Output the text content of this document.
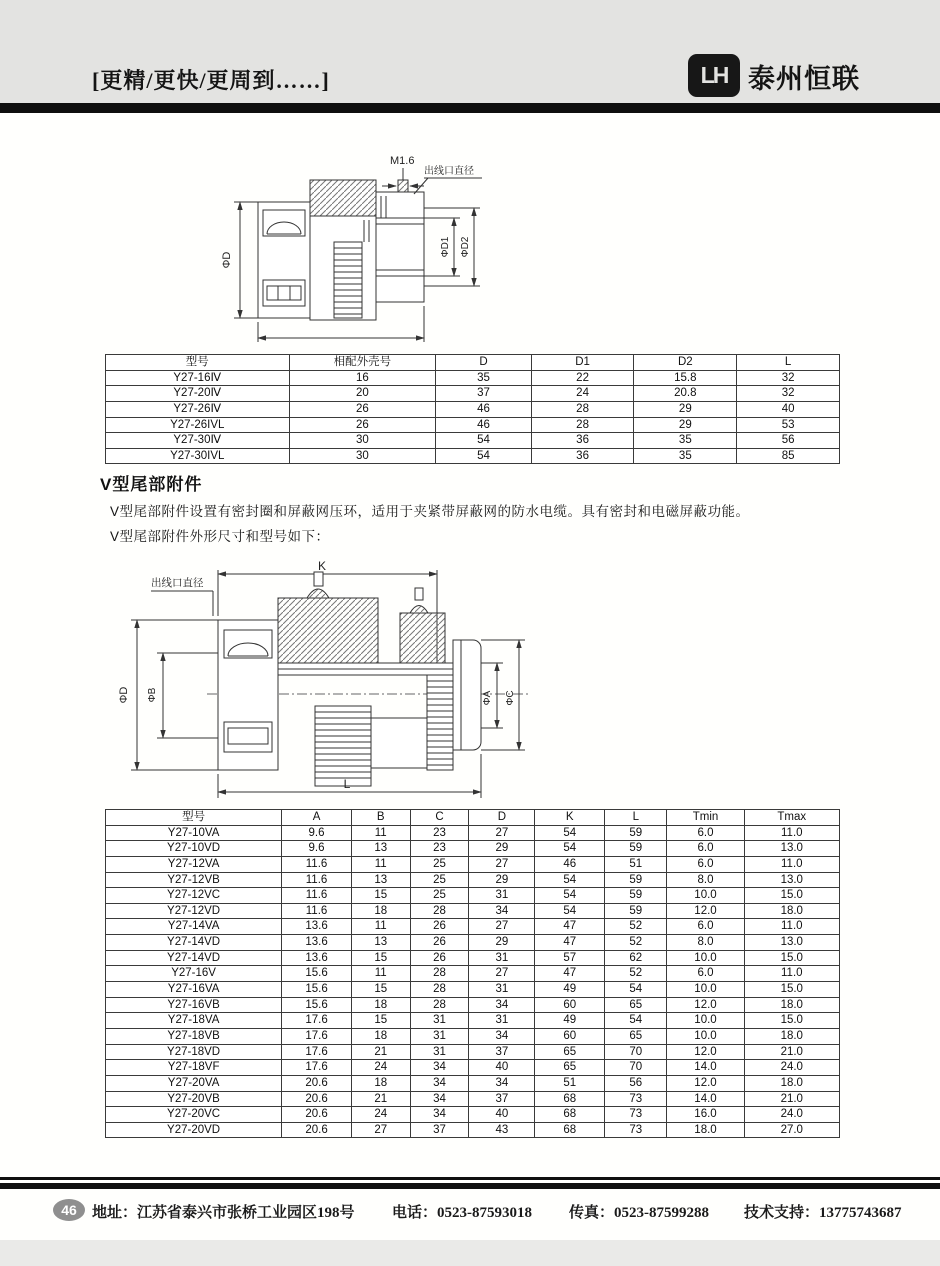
[更精/更快/更周到……]	LH 泰州恒联
M1.6
出线口直径
ΦD
ΦD1 ΦD2
型号	相配外壳号	D	D1	D2	L
Y27-16Ⅳ	16	35	22	15.8	32
Y27-20Ⅳ	20	37	24	20.8	32
Y27-26Ⅳ	26	46	28	29	40
Y27-26IVL	26	46	28	29	53
Y27-30Ⅳ	30	54	36	35	56
Y27-30IVL	30	54	36	35	85
V型尾部附件
V型尾部附件设置有密封圈和屏蔽网压环，适用于夹紧带屏蔽网的防水电缆。具有密封和电磁屏蔽功能。
V型尾部附件外形尺寸和型号如下：
K
出线口直径
ΦD ΦB	ΦA ΦC
L
型号	A	B	C	D	K	L	Tmin	Tmax
Y27-10VA	9.6	11	23	27	54	59	6.0	11.0
Y27-10VD	9.6	13	23	29	54	59	6.0	13.0
Y27-12VA	11.6	11	25	27	46	51	6.0	11.0
Y27-12VB	11.6	13	25	29	54	59	8.0	13.0
Y27-12VC	11.6	15	25	31	54	59	10.0	15.0
Y27-12VD	11.6	18	28	34	54	59	12.0	18.0
Y27-14VA	13.6	11	26	27	47	52	6.0	11.0
Y27-14VD	13.6	13	26	29	47	52	8.0	13.0
Y27-14VD	13.6	15	26	31	57	62	10.0	15.0
Y27-16V	15.6	11	28	27	47	52	6.0	11.0
Y27-16VA	15.6	15	28	31	49	54	10.0	15.0
Y27-16VB	15.6	18	28	34	60	65	12.0	18.0
Y27-18VA	17.6	15	31	31	49	54	10.0	15.0
Y27-18VB	17.6	18	31	34	60	65	10.0	18.0
Y27-18VD	17.6	21	31	37	65	70	12.0	21.0
Y27-18VF	17.6	24	34	40	65	70	14.0	24.0
Y27-20VA	20.6	18	34	34	51	56	12.0	18.0
Y27-20VB	20.6	21	34	37	68	73	14.0	21.0
Y27-20VC	20.6	24	34	40	68	73	16.0	24.0
Y27-20VD	20.6	27	37	43	68	73	18.0	27.0
46	地址：江苏省泰兴市张桥工业园区198号 电话：0523-87593018 传真：0523-87599288 技术支持：13775743687
